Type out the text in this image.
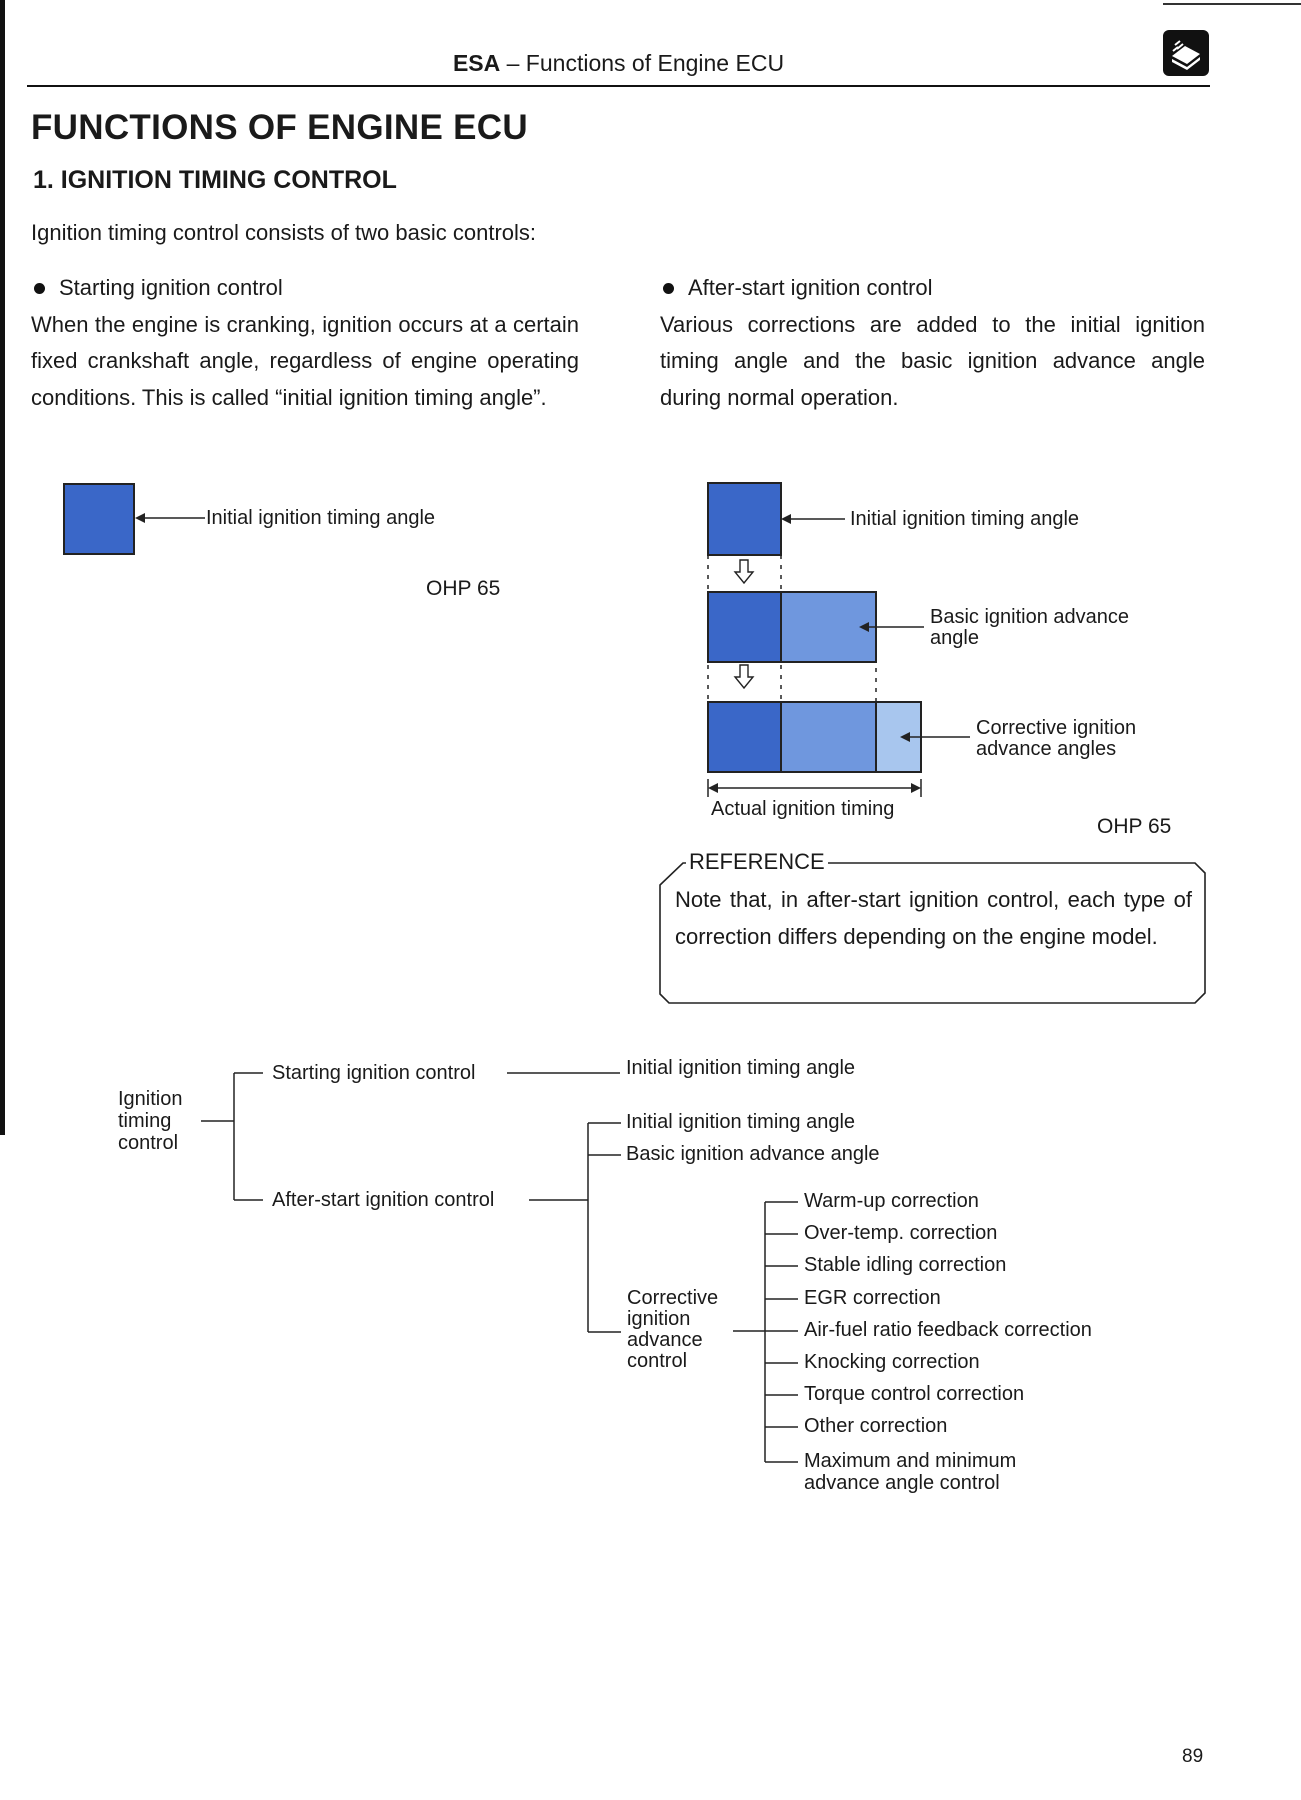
ESA – Functions of Engine ECU
FUNCTIONS OF ENGINE ECU
1. IGNITION TIMING CONTROL
Ignition timing control consists of two basic controls:
Starting ignition control

When the engine is cranking, ignition occurs at a certain fixed crankshaft angle, regardless of engine operating conditions. This is called “initial ignition timing angle”.

After-start ignition control

Various corrections are added to the initial ignition timing angle and the basic ignition advance angle during normal operation.

Initial ignition timing angle
OHP 65
Initial ignition timing angle
Basic ignition advance
angle
Corrective ignition
advance angles
Actual ignition timing
OHP 65
REFERENCE
Note that, in after-start ignition control, each type of correction differs depending on the engine model.
Ignition
timing
control
Starting ignition control	Initial ignition timing angle
After-start ignition control
Initial ignition timing angle
Basic ignition advance angle
Corrective
ignition
advance
control
Warm-up correction
Over-temp. correction
Stable idling correction
EGR correction
Air-fuel ratio feedback correction
Knocking correction
Torque control correction
Other correction
Maximum and minimum
advance angle control
89
